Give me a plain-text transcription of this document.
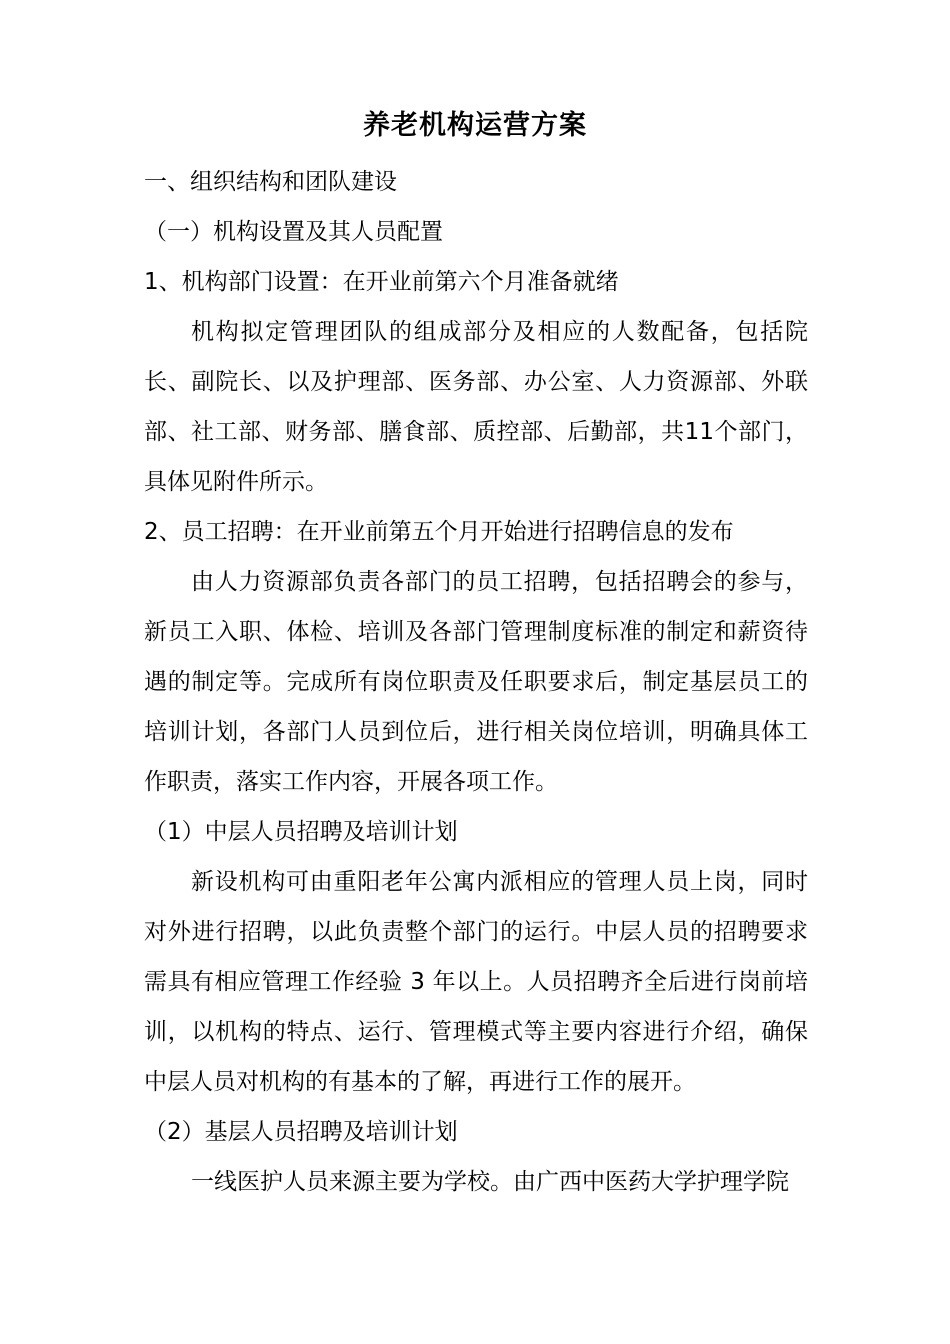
养老机构运营方案

一、组织结构和团队建设

（一）机构设置及其人员配置

1、机构部门设置：在开业前第六个月准备就绪

机构拟定管理团队的组成部分及相应的人数配备，包括院长、副院长、以及护理部、医务部、办公室、人力资源部、外联部、社工部、财务部、膳食部、质控部、后勤部，共11个部门，具体见附件所示。

2、员工招聘：在开业前第五个月开始进行招聘信息的发布

由人力资源部负责各部门的员工招聘，包括招聘会的参与，新员工入职、体检、培训及各部门管理制度标准的制定和薪资待遇的制定等。完成所有岗位职责及任职要求后，制定基层员工的培训计划，各部门人员到位后，进行相关岗位培训，明确具体工作职责，落实工作内容，开展各项工作。

（1）中层人员招聘及培训计划

新设机构可由重阳老年公寓内派相应的管理人员上岗，同时对外进行招聘，以此负责整个部门的运行。中层人员的招聘要求需具有相应管理工作经验 3 年以上。人员招聘齐全后进行岗前培训，以机构的特点、运行、管理模式等主要内容进行介绍，确保中层人员对机构的有基本的了解，再进行工作的展开。

（2）基层人员招聘及培训计划

一线医护人员来源主要为学校。由广西中医药大学护理学院
